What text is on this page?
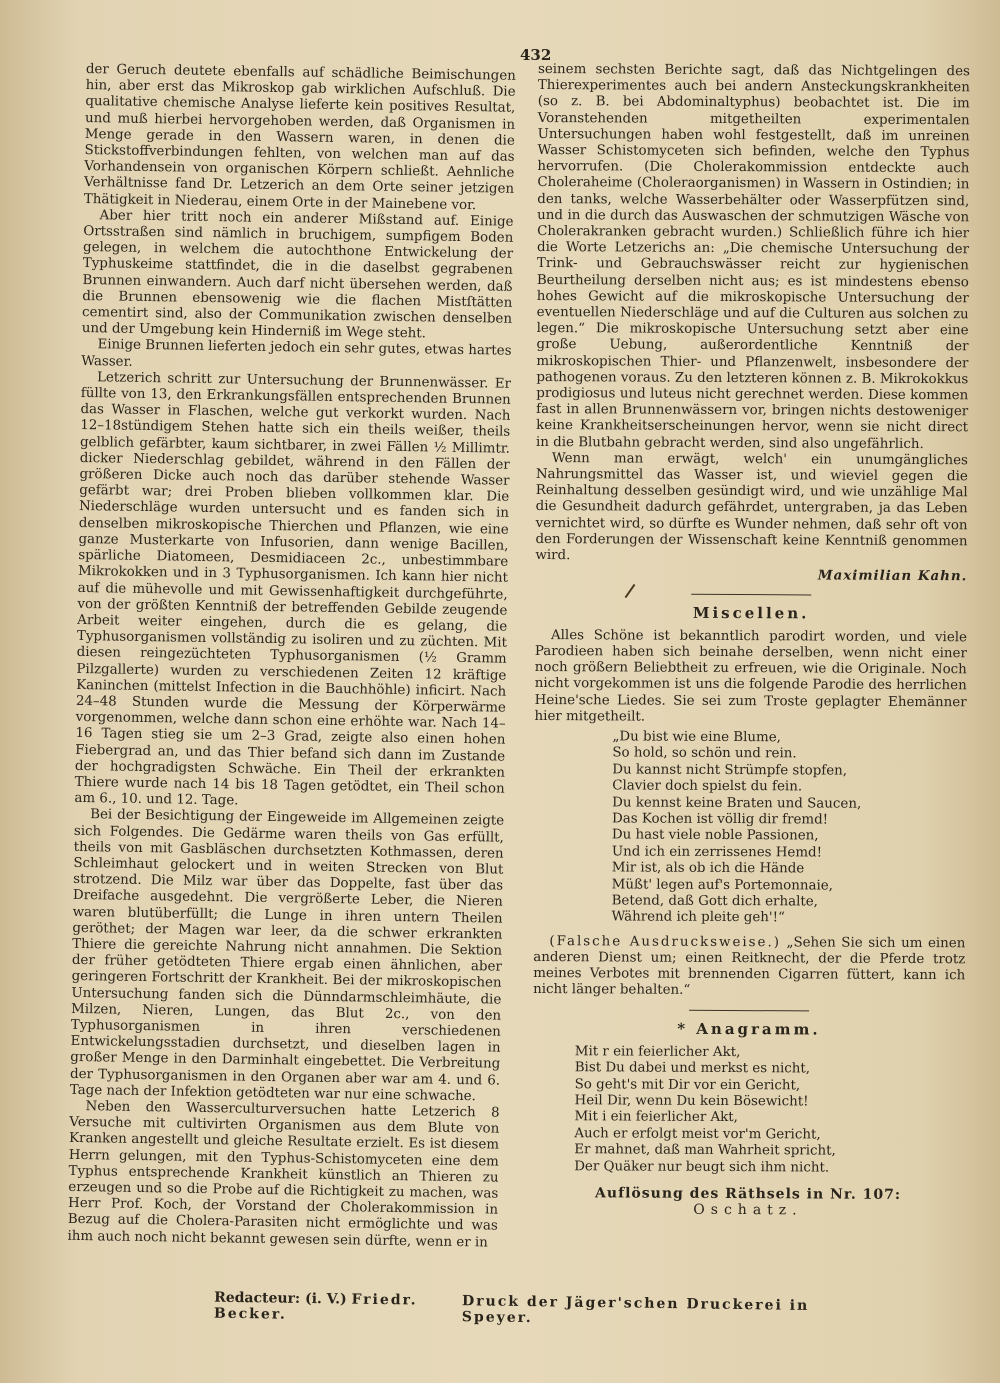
432

der Geruch deutete ebenfalls auf schädliche Beimischungen hin, aber erst das Mikroskop gab wirklichen Aufschluß. Die qualitative chemische Analyse lieferte kein positives Resultat, und muß hierbei hervorgehoben werden, daß Organismen in Menge gerade in den Wassern waren, in denen die Stickstoffverbindungen fehlten, von welchen man auf das Vorhandensein von organischen Körpern schließt. Aehnliche Verhältnisse fand Dr. Letzerich an dem Orte seiner jetzigen Thätigkeit in Niederau, einem Orte in der Mainebene vor.

Aber hier tritt noch ein anderer Mißstand auf. Einige Ortsstraßen sind nämlich in bruchigem, sumpfigem Boden gelegen, in welchem die autochthone Entwickelung der Typhuskeime stattfindet, die in die daselbst gegrabenen Brunnen einwandern. Auch darf nicht übersehen werden, daß die Brunnen ebensowenig wie die flachen Mistſtätten cementirt sind, also der Communikation zwischen denselben und der Umgebung kein Hinderniß im Wege steht.

Einige Brunnen lieferten jedoch ein sehr gutes, etwas hartes Wasser.

Letzerich schritt zur Untersuchung der Brunnenwässer. Er füllte von 13, den Erkrankungsfällen entsprechenden Brunnen das Wasser in Flaschen, welche gut verkorkt wurden. Nach 12–18stündigem Stehen hatte sich ein theils weißer, theils gelblich gefärbter, kaum sichtbarer, in zwei Fällen ½ Millimtr. dicker Niederschlag gebildet, während in den Fällen der größeren Dicke auch noch das darüber stehende Wasser gefärbt war; drei Proben blieben vollkommen klar. Die Niederschläge wurden untersucht und es fanden sich in denselben mikroskopische Thierchen und Pflanzen, wie eine ganze Musterkarte von Infusorien, dann wenige Bacillen, spärliche Diatomeen, Desmidiaceen 2c., unbestimmbare Mikrokokken und in 3 Typhusorganismen. Ich kann hier nicht auf die mühevolle und mit Gewissenhaftigkeit durchgeführte, von der größten Kenntniß der betreffenden Gebilde zeugende Arbeit weiter eingehen, durch die es gelang, die Typhusorganismen vollständig zu isoliren und zu züchten. Mit diesen reingezüchteten Typhusorganismen (½ Gramm Pilzgallerte) wurden zu verschiedenen Zeiten 12 kräftige Kaninchen (mittelst Infection in die Bauchhöhle) inficirt. Nach 24–48 Stunden wurde die Messung der Körperwärme vorgenommen, welche dann schon eine erhöhte war. Nach 14–16 Tagen stieg sie um 2–3 Grad, zeigte also einen hohen Fiebergrad an, und das Thier befand sich dann im Zustande der hochgradigsten Schwäche. Ein Theil der erkrankten Thiere wurde nach 14 bis 18 Tagen getödtet, ein Theil schon am 6., 10. und 12. Tage.

Bei der Besichtigung der Eingeweide im Allgemeinen zeigte sich Folgendes. Die Gedärme waren theils von Gas erfüllt, theils von mit Gasbläschen durchsetzten Kothmassen, deren Schleimhaut gelockert und in weiten Strecken von Blut strotzend. Die Milz war über das Doppelte, fast über das Dreifache ausgedehnt. Die vergrößerte Leber, die Nieren waren blutüberfüllt; die Lunge in ihren untern Theilen geröthet; der Magen war leer, da die schwer erkrankten Thiere die gereichte Nahrung nicht annahmen. Die Sektion der früher getödteten Thiere ergab einen ähnlichen, aber geringeren Fortschritt der Krankheit. Bei der mikroskopischen Untersuchung fanden sich die Dünndarmschleimhäute, die Milzen, Nieren, Lungen, das Blut 2c., von den Typhusorganismen in ihren verschiedenen Entwickelungsstadien durchsetzt, und dieselben lagen in großer Menge in den Darminhalt eingebettet. Die Verbreitung der Typhusorganismen in den Organen aber war am 4. und 6. Tage nach der Infektion getödteten war nur eine schwache.

Neben den Wasserculturversuchen hatte Letzerich 8 Versuche mit cultivirten Organismen aus dem Blute von Kranken angestellt und gleiche Resultate erzielt. Es ist diesem Herrn gelungen, mit den Typhus-Schistomyceten eine dem Typhus entsprechende Krankheit künstlich an Thieren zu erzeugen und so die Probe auf die Richtigkeit zu machen, was Herr Prof. Koch, der Vorstand der Cholerakommission in Bezug auf die Cholera-Parasiten nicht ermöglichte und was ihm auch noch nicht bekannt gewesen sein dürfte, wenn er in

seinem sechsten Berichte sagt, daß das Nichtgelingen des Thierexperimentes auch bei andern Ansteckungskrankheiten (so z. B. bei Abdominaltyphus) beobachtet ist. Die im Voranstehenden mitgetheilten experimentalen Untersuchungen haben wohl festgestellt, daß im unreinen Wasser Schistomyceten sich befinden, welche den Typhus hervorrufen. (Die Cholerakommission entdeckte auch Choleraheime (Choleraorganismen) in Wassern in Ostindien; in den tanks, welche Wasserbehälter oder Wasserpfützen sind, und in die durch das Auswaschen der schmutzigen Wäsche von Cholerakranken gebracht wurden.) Schließlich führe ich hier die Worte Letzerichs an: „Die chemische Untersuchung der Trink- und Gebrauchswässer reicht zur hygienischen Beurtheilung derselben nicht aus; es ist mindestens ebenso hohes Gewicht auf die mikroskopische Untersuchung der eventuellen Niederschläge und auf die Culturen aus solchen zu legen.“ Die mikroskopische Untersuchung setzt aber eine große Uebung, außerordentliche Kenntniß der mikroskopischen Thier- und Pflanzenwelt, insbesondere der pathogenen voraus. Zu den letzteren können z. B. Mikrokokkus prodigiosus und luteus nicht gerechnet werden. Diese kommen fast in allen Brunnenwässern vor, bringen nichts destoweniger keine Krankheitserscheinungen hervor, wenn sie nicht direct in die Blutbahn gebracht werden, sind also ungefährlich.

Wenn man erwägt, welch' ein unumgängliches Nahrungsmittel das Wasser ist, und wieviel gegen die Reinhaltung desselben gesündigt wird, und wie unzählige Mal die Gesundheit dadurch gefährdet, untergraben, ja das Leben vernichtet wird, so dürfte es Wunder nehmen, daß sehr oft von den Forderungen der Wissenschaft keine Kenntniß genommen wird.

Maximilian Kahn.
Miscellen.

Alles Schöne ist bekanntlich parodirt worden, und viele Parodieen haben sich beinahe derselben, wenn nicht einer noch größern Beliebtheit zu erfreuen, wie die Originale. Noch nicht vorgekommen ist uns die folgende Parodie des herrlichen Heine'sche Liedes. Sie sei zum Troste geplagter Ehemänner hier mitgetheilt.

„Du bist wie eine Blume,
So hold, so schön und rein.
Du kannst nicht Strümpfe stopfen,
Clavier doch spielst du fein.
Du kennst keine Braten und Saucen,
Das Kochen ist völlig dir fremd!
Du hast viele noble Passionen,
Und ich ein zerrissenes Hemd!
Mir ist, als ob ich die Hände
Müßt' legen auf's Portemonnaie,
Betend, daß Gott dich erhalte,
Während ich pleite geh'!“

(Falsche Ausdrucksweise.) „Sehen Sie sich um einen anderen Dienst um; einen Reitknecht, der die Pferde trotz meines Verbotes mit brennenden Cigarren füttert, kann ich nicht länger behalten.“

* Anagramm.
Mit r ein feierlicher Akt,
Bist Du dabei und merkst es nicht,
So geht's mit Dir vor ein Gericht,
Heil Dir, wenn Du kein Bösewicht!
Mit i ein feierlicher Akt,
Auch er erfolgt meist vor'm Gericht,
Er mahnet, daß man Wahrheit spricht,
Der Quäker nur beugt sich ihm nicht.
Auflösung des Räthsels in Nr. 107:
Oschatz.
Redacteur: (i. V.) Friedr. Becker.
Druck der Jäger'schen Druckerei in Speyer.
